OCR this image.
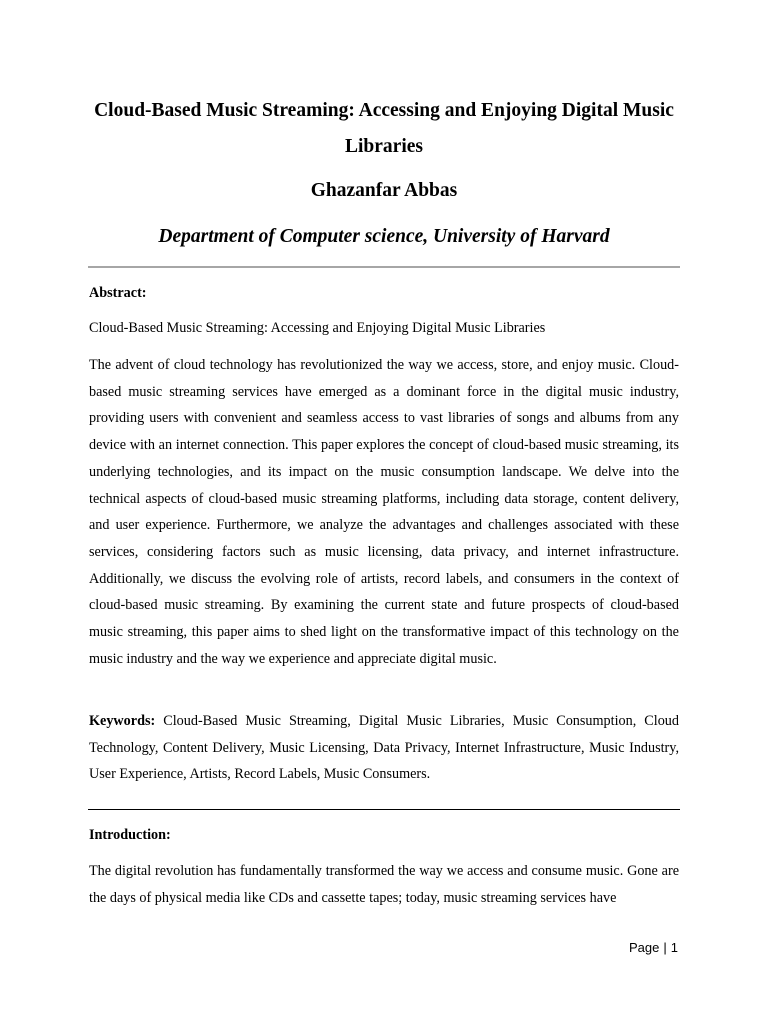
Cloud-Based Music Streaming: Accessing and Enjoying Digital Music Libraries
Ghazanfar Abbas
Department of Computer science, University of Harvard
Abstract:

Cloud-Based Music Streaming: Accessing and Enjoying Digital Music Libraries

The advent of cloud technology has revolutionized the way we access, store, and enjoy music. Cloud-based music streaming services have emerged as a dominant force in the digital music industry, providing users with convenient and seamless access to vast libraries of songs and albums from any device with an internet connection. This paper explores the concept of cloud-based music streaming, its underlying technologies, and its impact on the music consumption landscape. We delve into the technical aspects of cloud-based music streaming platforms, including data storage, content delivery, and user experience. Furthermore, we analyze the advantages and challenges associated with these services, considering factors such as music licensing, data privacy, and internet infrastructure. Additionally, we discuss the evolving role of artists, record labels, and consumers in the context of cloud-based music streaming. By examining the current state and future prospects of cloud-based music streaming, this paper aims to shed light on the transformative impact of this technology on the music industry and the way we experience and appreciate digital music.

Keywords: Cloud-Based Music Streaming, Digital Music Libraries, Music Consumption, Cloud Technology, Content Delivery, Music Licensing, Data Privacy, Internet Infrastructure, Music Industry, User Experience, Artists, Record Labels, Music Consumers.

Introduction:

The digital revolution has fundamentally transformed the way we access and consume music. Gone are the days of physical media like CDs and cassette tapes; today, music streaming services have

Page | 1
